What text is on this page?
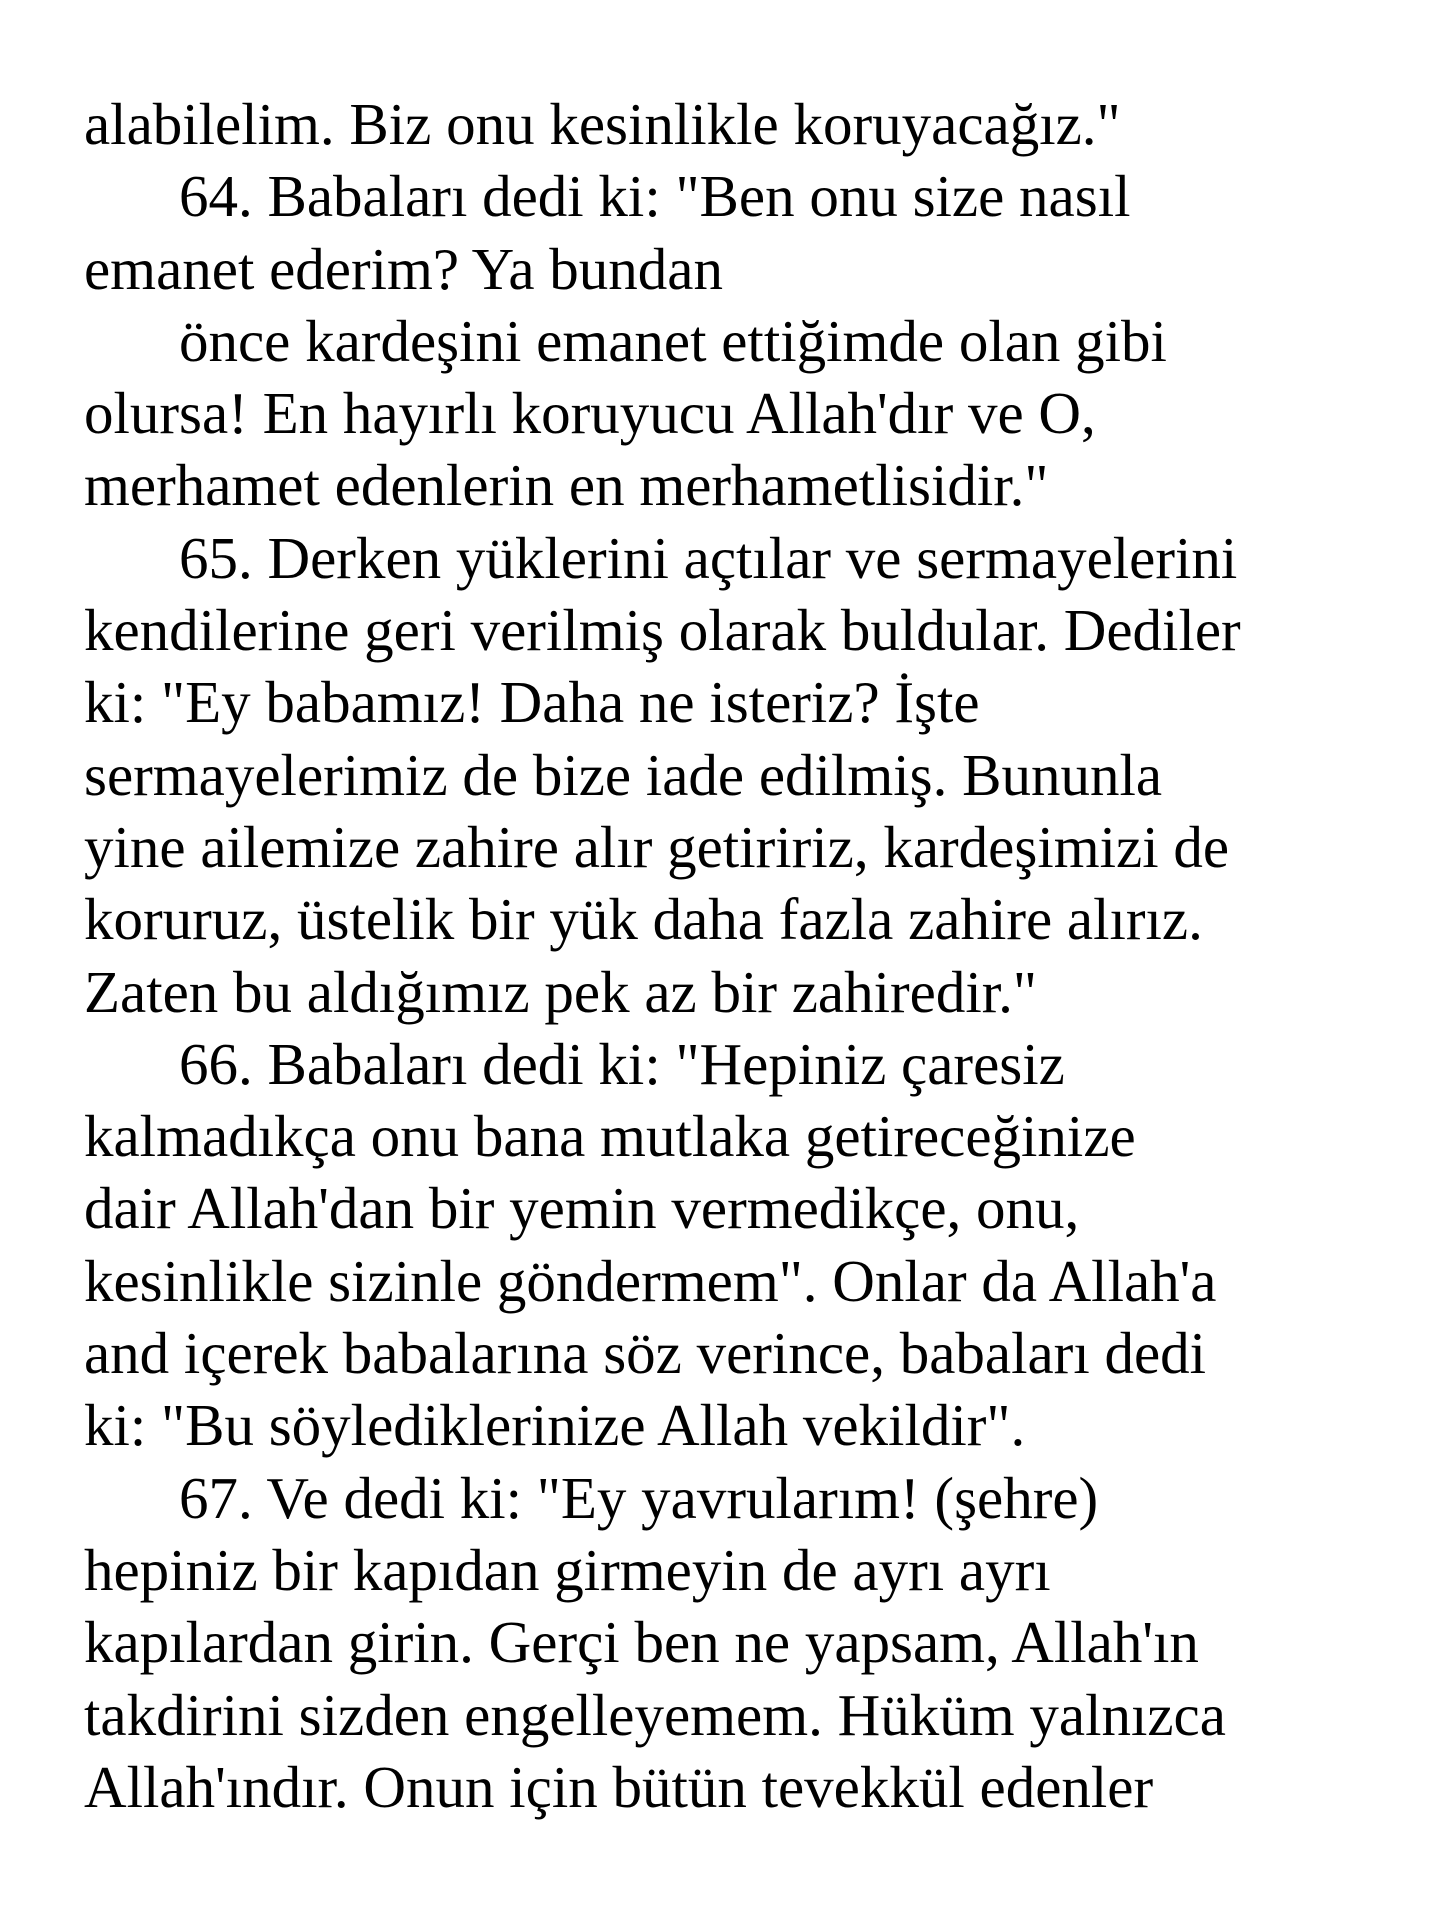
alabilelim. Biz onu kesinlikle koruyacağız."
64. Babaları dedi ki: "Ben onu size nasıl
emanet ederim? Ya bundan
önce kardeşini emanet ettiğimde olan gibi
olursa! En hayırlı koruyucu Allah'dır ve O,
merhamet edenlerin en merhametlisidir."
65. Derken yüklerini açtılar ve sermayelerini
kendilerine geri verilmiş olarak buldular. Dediler
ki: "Ey babamız! Daha ne isteriz? İşte
sermayelerimiz de bize iade edilmiş. Bununla
yine ailemize zahire alır getiririz, kardeşimizi de
koruruz, üstelik bir yük daha fazla zahire alırız.
Zaten bu aldığımız pek az bir zahiredir."
66. Babaları dedi ki: "Hepiniz çaresiz
kalmadıkça onu bana mutlaka getireceğinize
dair Allah'dan bir yemin vermedikçe, onu,
kesinlikle sizinle göndermem". Onlar da Allah'a
and içerek babalarına söz verince, babaları dedi
ki: "Bu söylediklerinize Allah vekildir".
67. Ve dedi ki: "Ey yavrularım! (şehre)
hepiniz bir kapıdan girmeyin de ayrı ayrı
kapılardan girin. Gerçi ben ne yapsam, Allah'ın
takdirini sizden engelleyemem. Hüküm yalnızca
Allah'ındır. Onun için bütün tevekkül edenler
